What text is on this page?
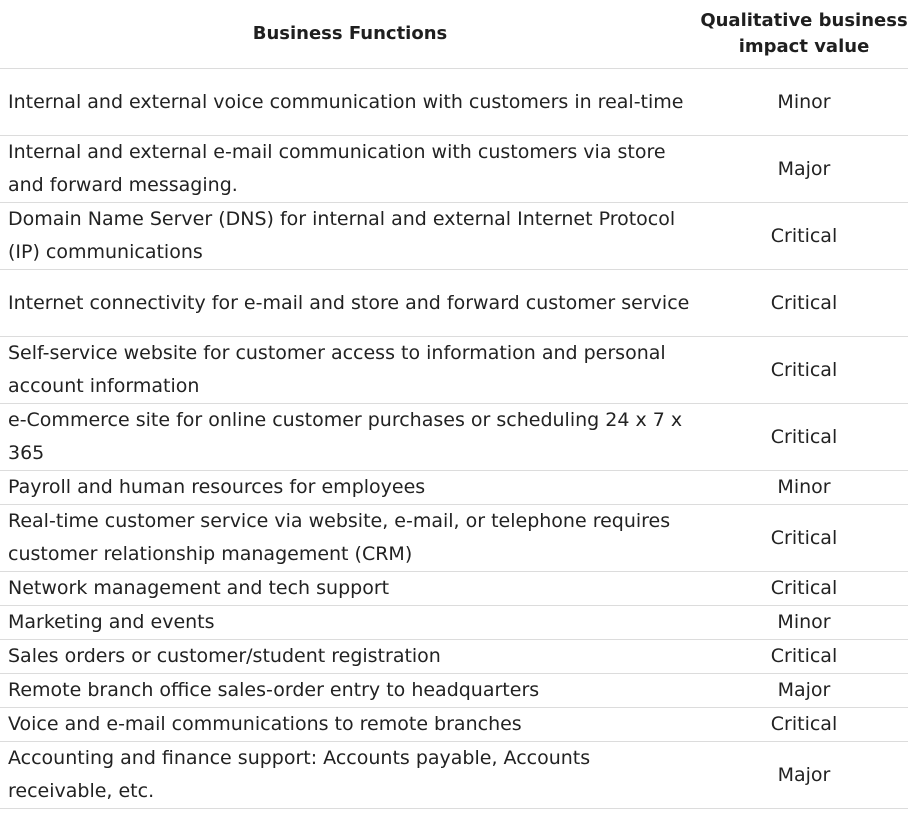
Business Functions	Qualitative business impact value
Internal and external voice communication with customers in real-time	Minor
Internal and external e-mail communication with customers via store and forward messaging.	Major
Domain Name Server (DNS) for internal and external Internet Protocol (IP) communications	Critical
Internet connectivity for e-mail and store and forward customer service	Critical
Self-service website for customer access to information and personal account information	Critical
e-Commerce site for online customer purchases or scheduling 24 x 7 x 365	Critical
Payroll and human resources for employees	Minor
Real-time customer service via website, e-mail, or telephone requires customer relationship management (CRM)	Critical
Network management and tech support	Critical
Marketing and events	Minor
Sales orders or customer/student registration	Critical
Remote branch office sales-order entry to headquarters	Major
Voice and e-mail communications to remote branches	Critical
Accounting and finance support: Accounts payable, Accounts receivable, etc.	Major
